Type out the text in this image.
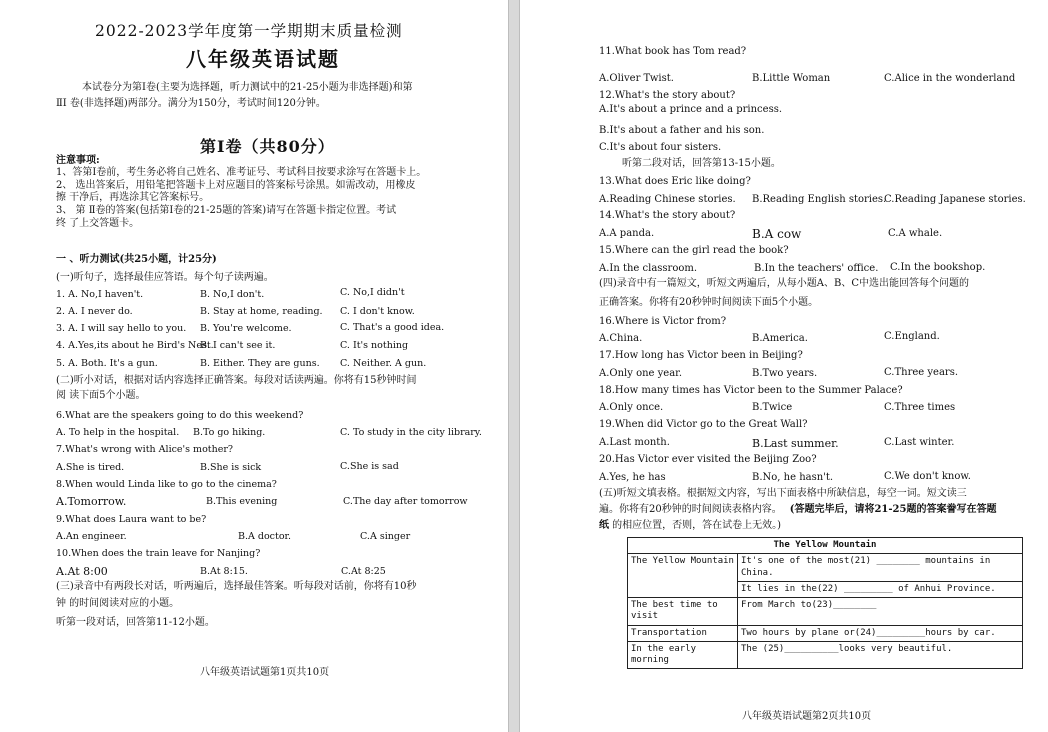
2022-2023学年度第一学期期末质量检测
八年级英语试题
本试卷分为第Ⅰ卷(主要为选择题，听力测试中的21-25小题为非选择题)和第
ⅡⅠ 卷(非选择题)两部分。满分为150分，考试时间120分钟。
第Ⅰ卷（共80分）
注意事项:
1、答第Ⅰ卷前，考生务必将自己姓名、准考证号、考试科目按要求涂写在答题卡上。
2、 选出答案后，用铅笔把答题卡上对应题目的答案标号涂黑。如需改动，用橡皮
擦 干净后，再选涂其它答案标号。
3、 第 Ⅱ卷的答案(包括第Ⅰ卷的21-25题的答案)请写在答题卡指定位置。考试
终 了上交答题卡。
一 、听力测试(共25小题，计25分)
(一)听句子，选择最佳应答语。每个句子读两遍。
1. A. No,I haven't.	B. No,I don't.	C. No,I didn't
2. A. I never do.	B. Stay at home, reading. C. I don't know.
3. A. I will say hello to you. B. You're welcome.	C. That's a good idea.
4. A.Yes,its about he Bird's Nest.
B. I can't see it.	C. It's nothing
5. A. Both. It's a gun.	B. Either. They are guns. C. Neither. A gun.
(二)听小对话，根据对话内容选择正确答案。每段对话读两遍。你将有15秒钟时间
阅 读下面5个小题。
6.What are the speakers going to do this weekend?
A. To help in the hospital. B.To go hiking.	C. To study in the city library.
7.What's wrong with Alice's mother?
A.She is tired.	B.She is sick	C.She is sad
8.When would Linda like to go to the cinema?
A.Tomorrow.	B.This evening	C.The day after tomorrow
9.What does Laura want to be?
A.An engineer.	B.A doctor.	C.A singer
10.When does the train leave for Nanjing?
A.At 8:00	B.At 8:15.	C.At 8:25
(三)录音中有两段长对话，听两遍后，选择最佳答案。听每段对话前，你将有10秒
钟 的时间阅读对应的小题。
听第一段对话，回答第11-12小题。
八年级英语试题第1页共10页
11.What book has Tom read?
A.Oliver Twist.	B.Little Woman	C.Alice in the wonderland
12.What's the story about?
A.It's about a prince and a princess.
B.It's about a father and his son.
C.It's about four sisters.
听第二段对话，回答第13-15小题。
13.What does Eric like doing?
A.Reading Chinese stories. B.Reading English stories.
C.Reading Japanese stories.
14.What's the story about?
A.A panda.	B.A cow	C.A whale.
15.Where can the girl read the book?
A.In the classroom.	B.In the teachers' office. C.In the bookshop.
(四)录音中有一篇短文，听短文两遍后，从每小题A、B、C中选出能回答每个问题的
正确答案。你将有20秒钟时间阅读下面5个小题。
16.Where is Victor from?
A.China.	B.America.	C.England.
17.How long has Victor been in Beijing?
A.Only one year.	B.Two years.	C.Three years.
18.How many times has Victor been to the Summer Palace?
A.Only once.	B.Twice	C.Three times
19.When did Victor go to the Great Wall?
A.Last month.	B.Last summer.	C.Last winter.
20.Has Victor ever visited the Beijing Zoo?
A.Yes, he has	B.No, he hasn't.	C.We don't know.
(五)听短文填表格。根据短文内容，写出下面表格中所缺信息，每空一词。短文读三
遍。你将有20秒钟的时间阅读表格内容。 (答题完毕后，请将21-25题的答案誊写在答题
纸 的相应位置，否则，答在试卷上无效。)
The Yellow Mountain	
The Yellow Mountain	It's one of the most(21) ________ mountains in China.
	It lies in the(22) _________ of Anhui Province.
The best time to visit	From March to(23)________
Transportation	Two hours by plane or(24)_________hours by car.
In the early morning	The (25)__________looks very beautiful.
八年级英语试题第2页共10页
